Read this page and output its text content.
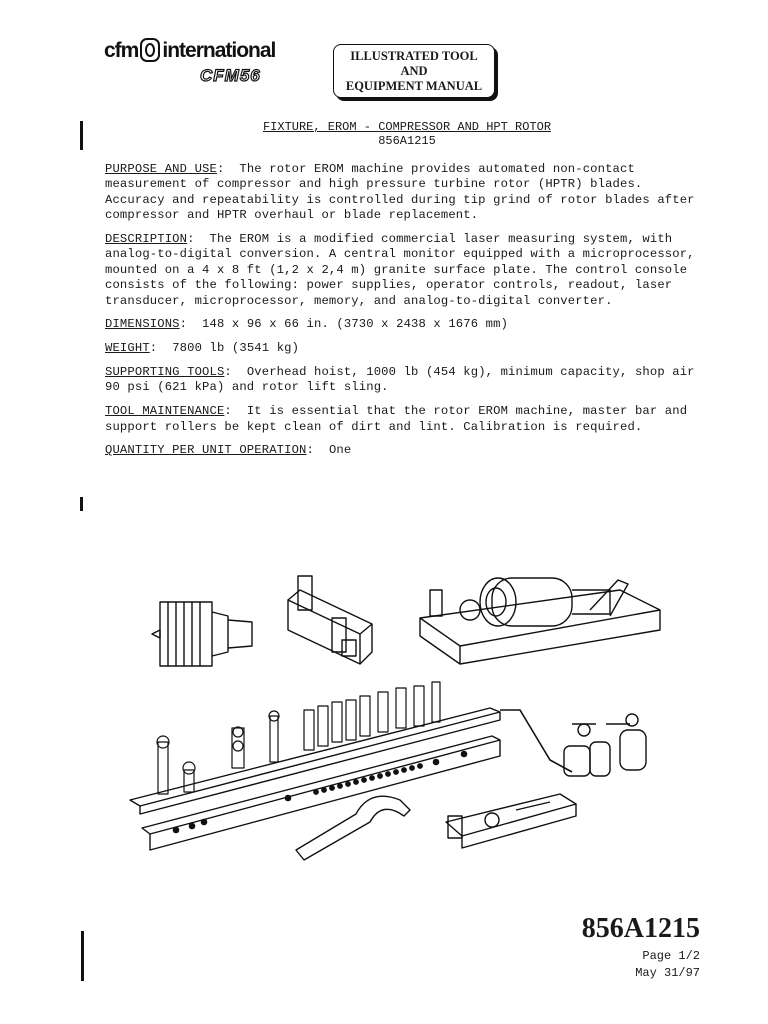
cfm international
CFM56
ILLUSTRATED TOOL
AND
EQUIPMENT MANUAL
FIXTURE, EROM - COMPRESSOR AND HPT ROTOR
856A1215

PURPOSE AND USE:  The rotor EROM machine provides automated non-contact measurement of compressor and high pressure turbine rotor (HPTR) blades. Accuracy and repeatability is controlled during tip grind of rotor blades after compressor and HPTR overhaul or blade replacement.

DESCRIPTION:  The EROM is a modified commercial laser measuring system, with analog-to-digital conversion. A central monitor equipped with a microprocessor, mounted on a 4 x 8 ft (1,2 x 2,4 m) granite surface plate. The control console consists of the following: power supplies, operator controls, readout, laser transducer, microprocessor, memory, and analog-to-digital converter.

DIMENSIONS:  148 x 96 x 66 in. (3730 x 2438 x 1676 mm)

WEIGHT:  7800 lb (3541 kg)

SUPPORTING TOOLS:  Overhead hoist, 1000 lb (454 kg), minimum capacity, shop air 90 psi (621 kPa) and rotor lift sling.

TOOL MAINTENANCE:  It is essential that the rotor EROM machine, master bar and support rollers be kept clean of dirt and lint. Calibration is required.

QUANTITY PER UNIT OPERATION:  One

856A1215
Page 1/2
May 31/97
